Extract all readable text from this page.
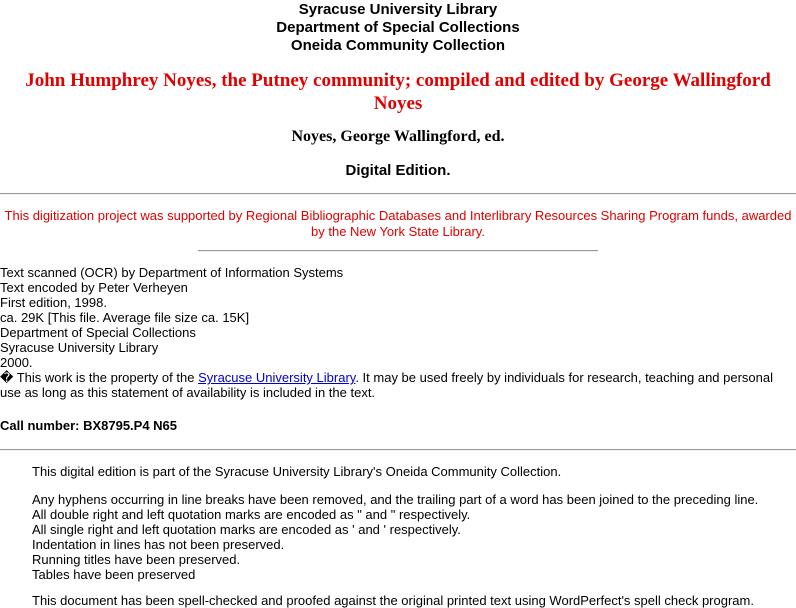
Syracuse University Library
Department of Special Collections
Oneida Community Collection
John Humphrey Noyes, the Putney community; compiled and edited by George Wallingford Noyes
Noyes, George Wallingford, ed.
Digital Edition.
This digitization project was supported by Regional Bibliographic Databases and Interlibrary Resources Sharing Program funds, awarded by the New York State Library.
Text scanned (OCR) by Department of Information Systems
Text encoded by Peter Verheyen
First edition, 1998.
ca. 29K [This file. Average file size ca. 15K]
Department of Special Collections
Syracuse University Library
2000.
� This work is the property of the Syracuse University Library. It may be used freely by individuals for research, teaching and personal use as long as this statement of availability is included in the text.
Call number: BX8795.P4 N65
This digital edition is part of the Syracuse University Library's Oneida Community Collection.
Any hyphens occurring in line breaks have been removed, and the trailing part of a word has been joined to the preceding line.
All double right and left quotation marks are encoded as " and " respectively.
All single right and left quotation marks are encoded as ' and ' respectively.
Indentation in lines has not been preserved.
Running titles have been preserved.
Tables have been preserved
This document has been spell-checked and proofed against the original printed text using WordPerfect's spell check program.
